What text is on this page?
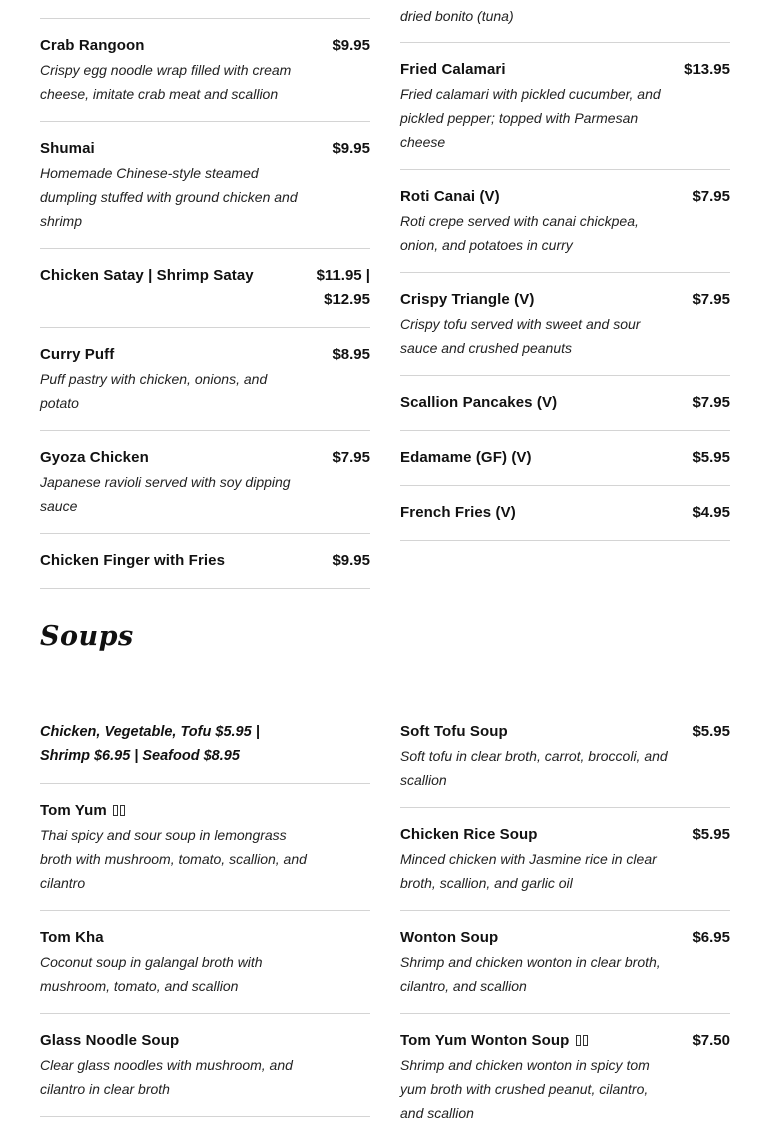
Crab Rangoon	$9.95
Crispy egg noodle wrap filled with cream cheese, imitate crab meat and scallion
Shumai	$9.95
Homemade Chinese-style steamed dumpling stuffed with ground chicken and shrimp
Chicken Satay | Shrimp Satay	$11.95 | $12.95
Curry Puff	$8.95
Puff pastry with chicken, onions, and potato
Gyoza Chicken	$7.95
Japanese ravioli served with soy dipping sauce
Chicken Finger with Fries	$9.95
dried bonito (tuna)
Fried Calamari	$13.95
Fried calamari with pickled cucumber, and pickled pepper; topped with Parmesan cheese
Roti Canai (V)	$7.95
Roti crepe served with canai chickpea, onion, and potatoes in curry
Crispy Triangle (V)	$7.95
Crispy tofu served with sweet and sour sauce and crushed peanuts
Scallion Pancakes (V)	$7.95
Edamame (GF) (V)	$5.95
French Fries (V)	$4.95
Soups
Chicken, Vegetable, Tofu $5.95 | Shrimp $6.95 | Seafood $8.95
Tom Yum
Thai spicy and sour soup in lemongrass broth with mushroom, tomato, scallion, and cilantro
Tom Kha
Coconut soup in galangal broth with mushroom, tomato, and scallion
Glass Noodle Soup
Clear glass noodles with mushroom, and cilantro in clear broth
Soft Tofu Soup	$5.95
Soft tofu in clear broth, carrot, broccoli, and scallion
Chicken Rice Soup	$5.95
Minced chicken with Jasmine rice in clear broth, scallion, and garlic oil
Wonton Soup	$6.95
Shrimp and chicken wonton in clear broth, cilantro, and scallion
Tom Yum Wonton Soup	$7.50
Shrimp and chicken wonton in spicy tom yum broth with crushed peanut, cilantro, and scallion
